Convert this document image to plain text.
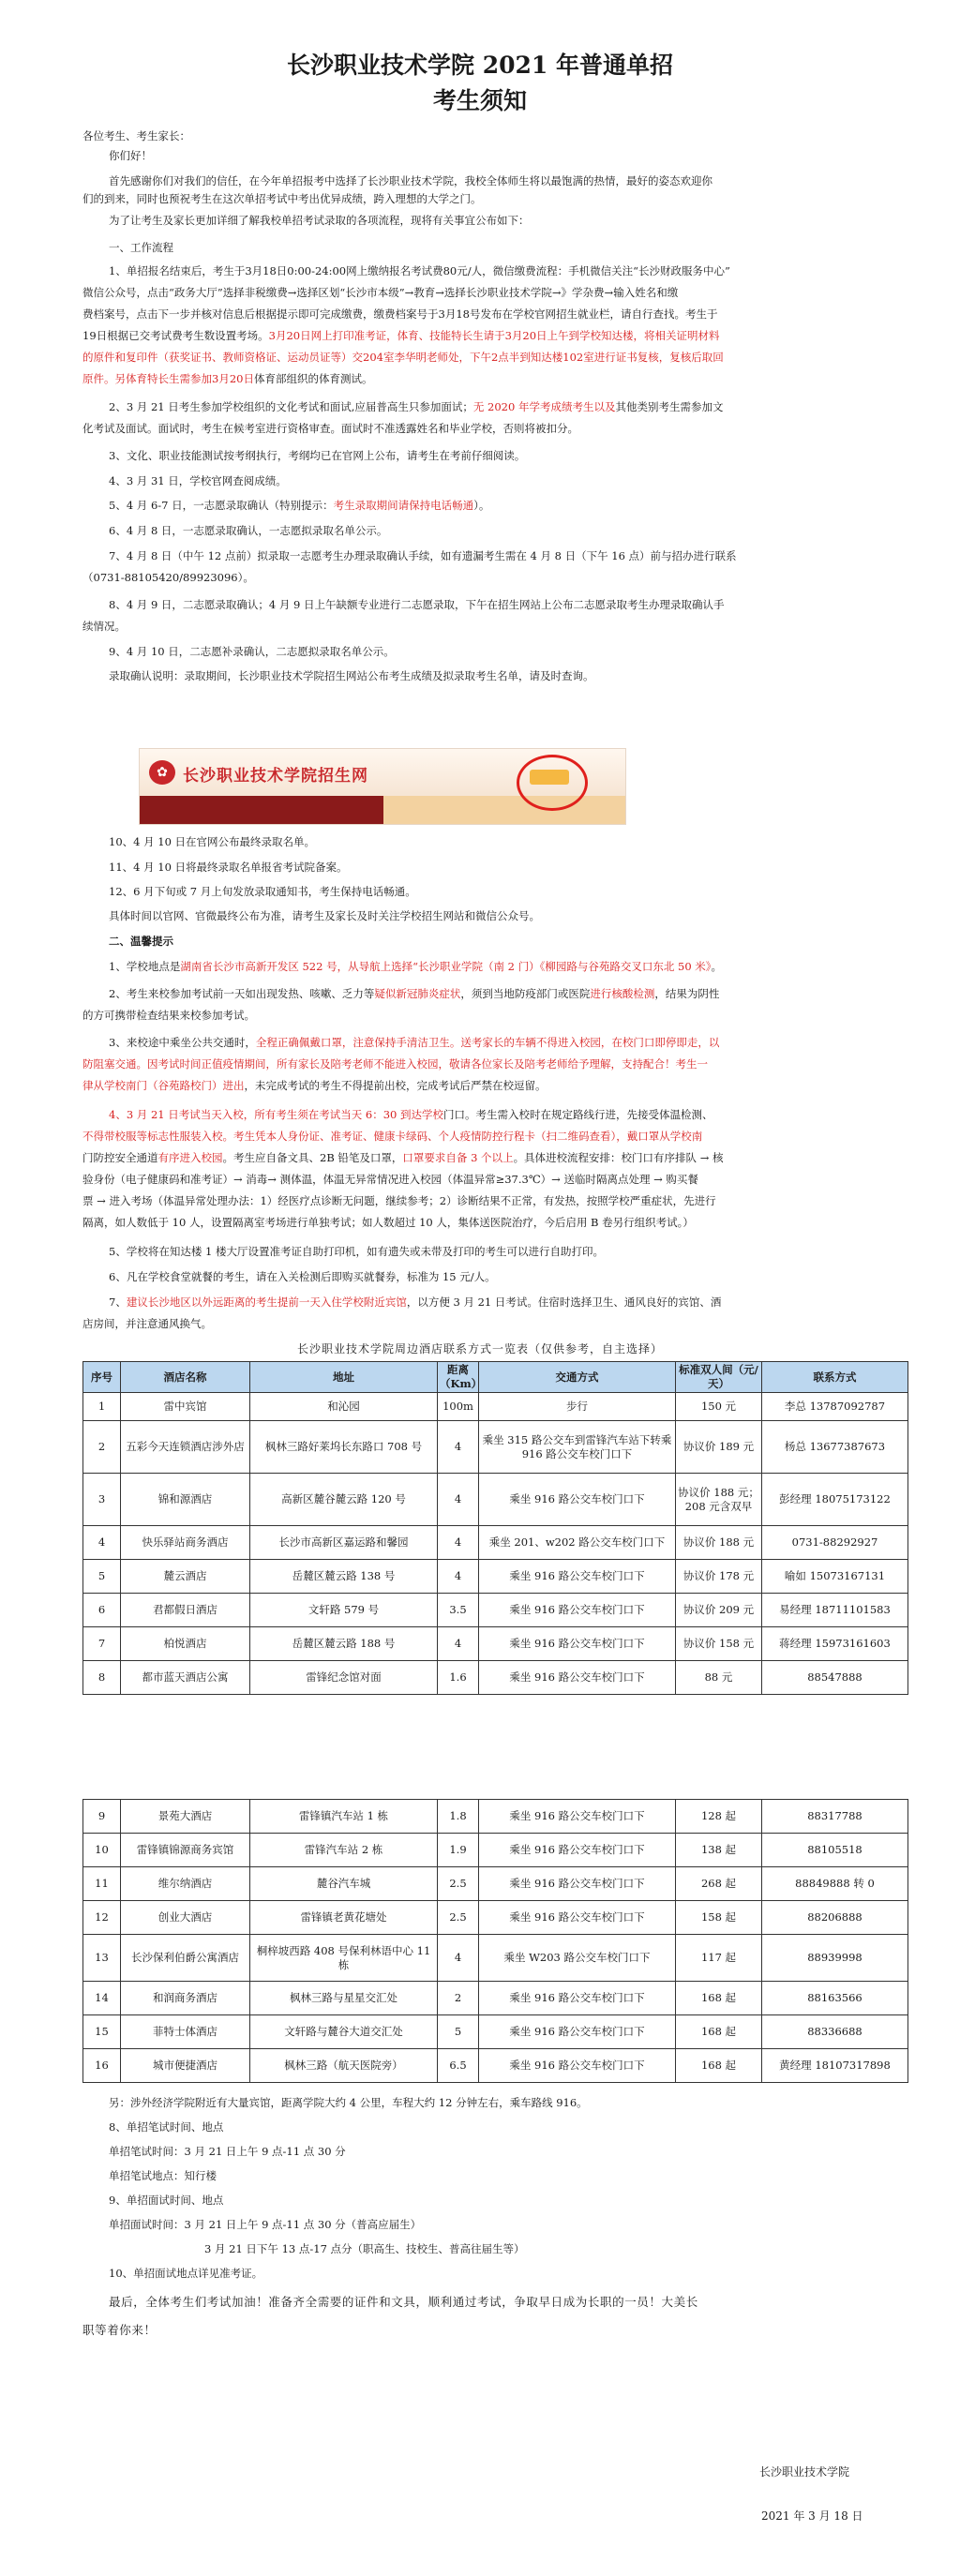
长沙职业技术学院 2021 年普通单招
考生须知
各位考生、考生家长：
你们好！
首先感谢你们对我们的信任，在今年单招报考中选择了长沙职业技术学院，我校全体师生将以最饱满的热情，最好的姿态欢迎你
们的到来，同时也预祝考生在这次单招考试中考出优异成绩，跨入理想的大学之门。
为了让考生及家长更加详细了解我校单招考试录取的各项流程，现将有关事宜公布如下：
一、工作流程
1、单招报名结束后，考生于3月18日0:00-24:00网上缴纳报名考试费80元/人，微信缴费流程：手机微信关注“长沙财政服务中心”
微信公众号，点击“政务大厅”选择非税缴费→选择区划“长沙市本级”→教育→选择长沙职业技术学院→》学杂费→输入姓名和缴
费档案号，点击下一步并核对信息后根据提示即可完成缴费，缴费档案号于3月18号发布在学校官网招生就业栏，请自行查找。考生于
19日根据已交考试费考生数设置考场。3月20日网上打印准考证，体育、技能特长生请于3月20日上午到学校知达楼，将相关证明材料
的原件和复印件（获奖证书、教师资格证、运动员证等）交204室李华明老师处，下午2点半到知达楼102室进行证书复核，复核后取回
原件。另体育特长生需参加3月20日体育部组织的体育测试。
2、3 月 21 日考生参加学校组织的文化考试和面试,应届普高生只参加面试；无 2020 年学考成绩考生以及其他类别考生需参加文
化考试及面试。面试时，考生在候考室进行资格审查。面试时不准透露姓名和毕业学校，否则将被扣分。
3、文化、职业技能测试按考纲执行，考纲均已在官网上公布，请考生在考前仔细阅读。
4、3 月 31 日，学校官网查阅成绩。
5、4 月 6-7 日，一志愿录取确认（特别提示：考生录取期间请保持电话畅通）。
6、4 月 8 日，一志愿录取确认，一志愿拟录取名单公示。
7、4 月 8 日（中午 12 点前）拟录取一志愿考生办理录取确认手续，如有遗漏考生需在 4 月 8 日（下午 16 点）前与招办进行联系
（0731-88105420/89923096）。
8、4 月 9 日，二志愿录取确认；4 月 9 日上午缺额专业进行二志愿录取，下午在招生网站上公布二志愿录取考生办理录取确认手
续情况。
9、4 月 10 日，二志愿补录确认，二志愿拟录取名单公示。
录取确认说明：录取期间，长沙职业技术学院招生网站公布考生成绩及拟录取考生名单，请及时查询。
✿ 长沙职业技术学院招生网
10、4 月 10 日在官网公布最终录取名单。
11、4 月 10 日将最终录取名单报省考试院备案。
12、6 月下旬或 7 月上旬发放录取通知书，考生保持电话畅通。
具体时间以官网、官微最终公布为准，请考生及家长及时关注学校招生网站和微信公众号。
二、温馨提示
1、学校地点是湖南省长沙市高新开发区 522 号，从导航上选择“长沙职业学院（南 2 门）《柳园路与谷苑路交叉口东北 50 米》。
2、考生来校参加考试前一天如出现发热、咳嗽、乏力等疑似新冠肺炎症状，须到当地防疫部门或医院进行核酸检测，结果为阴性
的方可携带检查结果来校参加考试。
3、来校途中乘坐公共交通时，全程正确佩戴口罩，注意保持手清洁卫生。送考家长的车辆不得进入校园，在校门口即停即走，以
防阻塞交通。因考试时间正值疫情期间，所有家长及陪考老师不能进入校园，敬请各位家长及陪考老师给予理解，支持配合！考生一
律从学校南门（谷苑路校门）进出，未完成考试的考生不得提前出校，完成考试后严禁在校逗留。
4、3 月 21 日考试当天入校，所有考生须在考试当天 6：30 到达学校门口。考生需入校时在规定路线行进，先接受体温检测、
不得带校服等标志性服装入校。考生凭本人身份证、准考证、健康卡绿码、个人疫情防控行程卡（扫二维码查看），戴口罩从学校南
门防控安全通道有序进入校园。考生应自备文具、2B 铅笔及口罩，口罩要求自备 3 个以上。具体进校流程安排：校门口有序排队 → 核
验身份（电子健康码和准考证）→ 消毒→ 测体温，体温无异常情况进入校园（体温异常≥37.3℃）→ 送临时隔离点处理 → 购买餐
票 → 进入考场（体温异常处理办法：1）经医疗点诊断无问题，继续参考；2）诊断结果不正常，有发热，按照学校严重症状，先进行
隔离，如人数低于 10 人，设置隔离室考场进行单独考试；如人数超过 10 人，集体送医院治疗，今后启用 B 卷另行组织考试。）
5、学校将在知达楼 1 楼大厅设置准考证自助打印机，如有遗失或未带及打印的考生可以进行自助打印。
6、凡在学校食堂就餐的考生，请在入关检测后即购买就餐券，标准为 15 元/人。
7、建议长沙地区以外远距离的考生提前一天入住学校附近宾馆，以方便 3 月 21 日考试。住宿时选择卫生、通风良好的宾馆、酒
店房间，并注意通风换气。
长沙职业技术学院周边酒店联系方式一览表（仅供参考，自主选择）
序号	酒店名称	地址	距离（Km）	交通方式	标准双人间（元/天）	联系方式
1	雷中宾馆	和沁园	100m	步行	150 元	李总 13787092787
2	五彩今天连锁酒店涉外店	枫林三路好莱坞长东路口 708 号	4	乘坐 315 路公交车到雷锋汽车站下转乘 916 路公交车校门口下	协议价 189 元	杨总 13677387673
3	锦和源酒店	高新区麓谷麓云路 120 号	4	乘坐 916 路公交车校门口下	协议价 188 元；208 元含双早	彭经理 18075173122
4	快乐驿站商务酒店	长沙市高新区嘉运路和馨园	4	乘坐 201、w202 路公交车校门口下	协议价 188 元	0731-88292927
5	麓云酒店	岳麓区麓云路 138 号	4	乘坐 916 路公交车校门口下	协议价 178 元	喻如 15073167131
6	君都假日酒店	文轩路 579 号	3.5	乘坐 916 路公交车校门口下	协议价 209 元	易经理 18711101583
7	柏悦酒店	岳麓区麓云路 188 号	4	乘坐 916 路公交车校门口下	协议价 158 元	蒋经理 15973161603
8	都市蓝天酒店公寓	雷锋纪念馆对面	1.6	乘坐 916 路公交车校门口下	88 元	88547888
9	景苑大酒店	雷锋镇汽车站 1 栋	1.8	乘坐 916 路公交车校门口下	128 起	88317788
10	雷锋镇锦源商务宾馆	雷锋汽车站 2 栋	1.9	乘坐 916 路公交车校门口下	138 起	88105518
11	维尔纳酒店	麓谷汽车城	2.5	乘坐 916 路公交车校门口下	268 起	88849888 转 0
12	创业大酒店	雷锋镇老黄花塘处	2.5	乘坐 916 路公交车校门口下	158 起	88206888
13	长沙保利伯爵公寓酒店	桐梓坡西路 408 号保利林语中心 11 栋	4	乘坐 W203 路公交车校门口下	117 起	88939998
14	和润商务酒店	枫林三路与星星交汇处	2	乘坐 916 路公交车校门口下	168 起	88163566
15	菲特士体酒店	文轩路与麓谷大道交汇处	5	乘坐 916 路公交车校门口下	168 起	88336688
16	城市便捷酒店	枫林三路（航天医院旁）	6.5	乘坐 916 路公交车校门口下	168 起	黄经理 18107317898
另：涉外经济学院附近有大量宾馆，距离学院大约 4 公里，车程大约 12 分钟左右，乘车路线 916。
8、单招笔试时间、地点
单招笔试时间：3 月 21 日上午 9 点-11 点 30 分
单招笔试地点：知行楼
9、单招面试时间、地点
单招面试时间：3 月 21 日上午 9 点-11 点 30 分（普高应届生）
3 月 21 日下午 13 点-17 点分（职高生、技校生、普高往届生等）
10、单招面试地点详见准考证。
最后，全体考生们考试加油！准备齐全需要的证件和文具，顺利通过考试，争取早日成为长职的一员！大美长
职等着你来！
长沙职业技术学院
2021 年 3 月 18 日
